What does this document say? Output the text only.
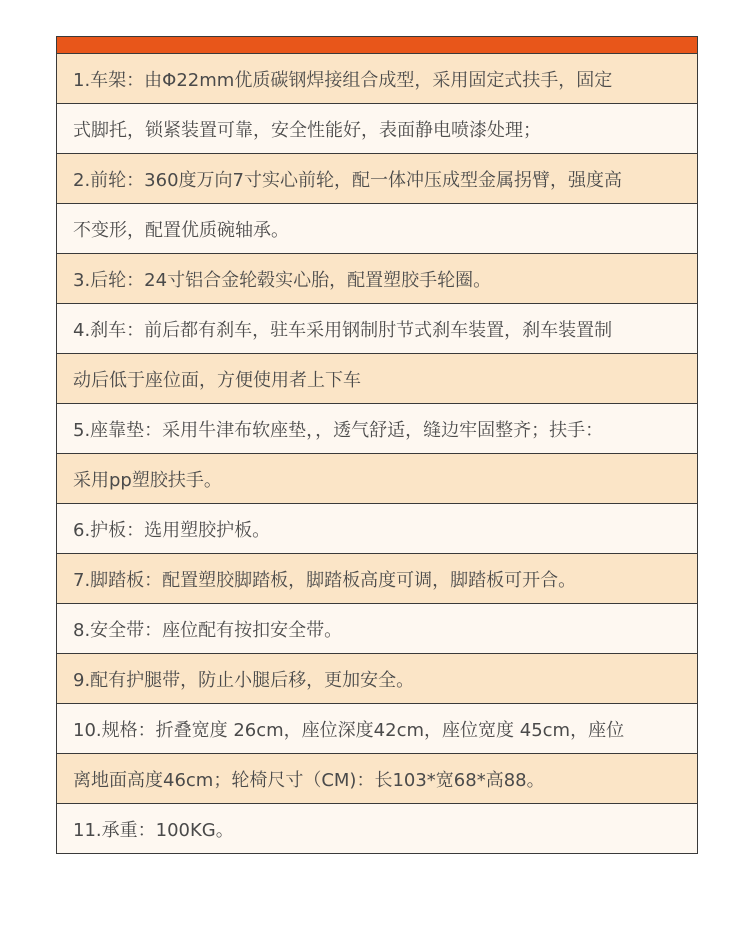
1.车架：由Φ22mm优质碳钢焊接组合成型，采用固定式扶手，固定
式脚托，锁紧装置可靠，安全性能好，表面静电喷漆处理；
2.前轮：360度万向7寸实心前轮，配一体冲压成型金属拐臂，强度高
不变形，配置优质碗轴承。
3.后轮：24寸铝合金轮毂实心胎，配置塑胶手轮圈。
4.刹车：前后都有刹车，驻车采用钢制肘节式刹车装置，刹车装置制
动后低于座位面，方便使用者上下车
5.座靠垫：采用牛津布软座垫，，透气舒适，缝边牢固整齐；扶手：
采用pp塑胶扶手。
6.护板：选用塑胶护板。
7.脚踏板：配置塑胶脚踏板，脚踏板高度可调，脚踏板可开合。
8.安全带：座位配有按扣安全带。
9.配有护腿带，防止小腿后移，更加安全。
10.规格：折叠宽度 26cm，座位深度42cm，座位宽度 45cm，座位
离地面高度46cm；轮椅尺寸（CM)：长103*宽68*高88。
11.承重：100KG。
